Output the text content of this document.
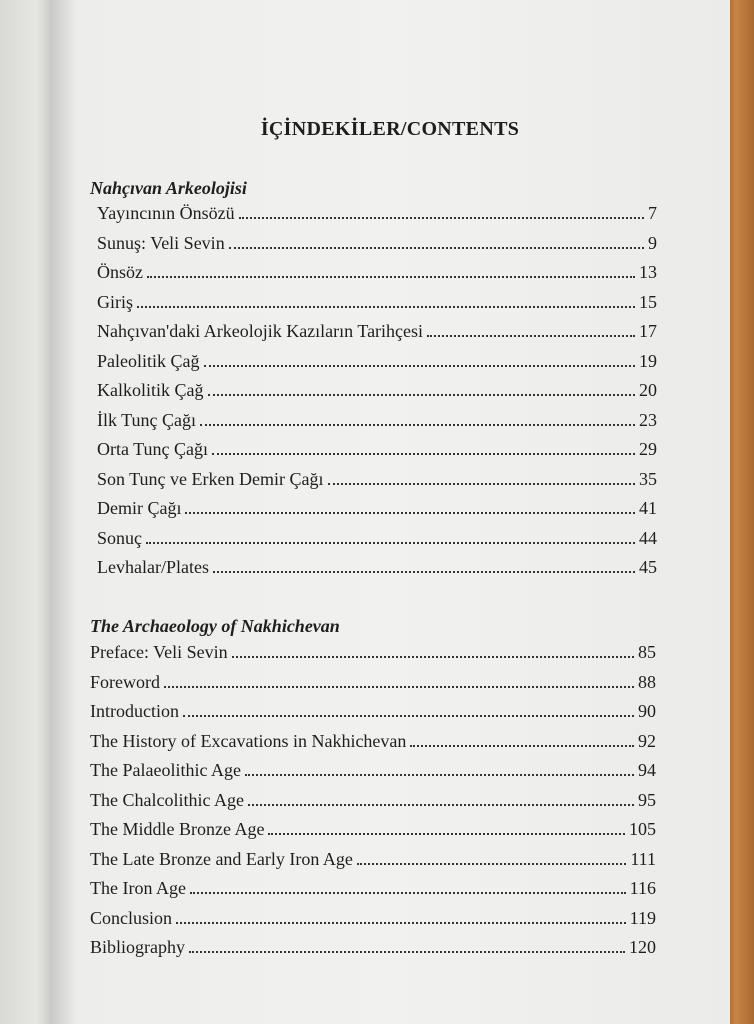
İÇİNDEKİLER/CONTENTS
Nahçıvan Arkeolojisi
Yayıncının Önsözü	7
Sunuş: Veli Sevin	9
Önsöz	13
Giriş	15
Nahçıvan'daki Arkeolojik Kazıların Tarihçesi	17
Paleolitik Çağ	19
Kalkolitik Çağ	20
İlk Tunç Çağı	23
Orta Tunç Çağı	29
Son Tunç ve Erken Demir Çağı	35
Demir Çağı	41
Sonuç	44
Levhalar/Plates	45
The Archaeology of Nakhichevan
Preface: Veli Sevin	85
Foreword	88
Introduction	90
The History of Excavations in Nakhichevan	92
The Palaeolithic Age	94
The Chalcolithic Age	95
The Middle Bronze Age	105
The Late Bronze and Early Iron Age	111
The Iron Age	116
Conclusion	119
Bibliography	120
